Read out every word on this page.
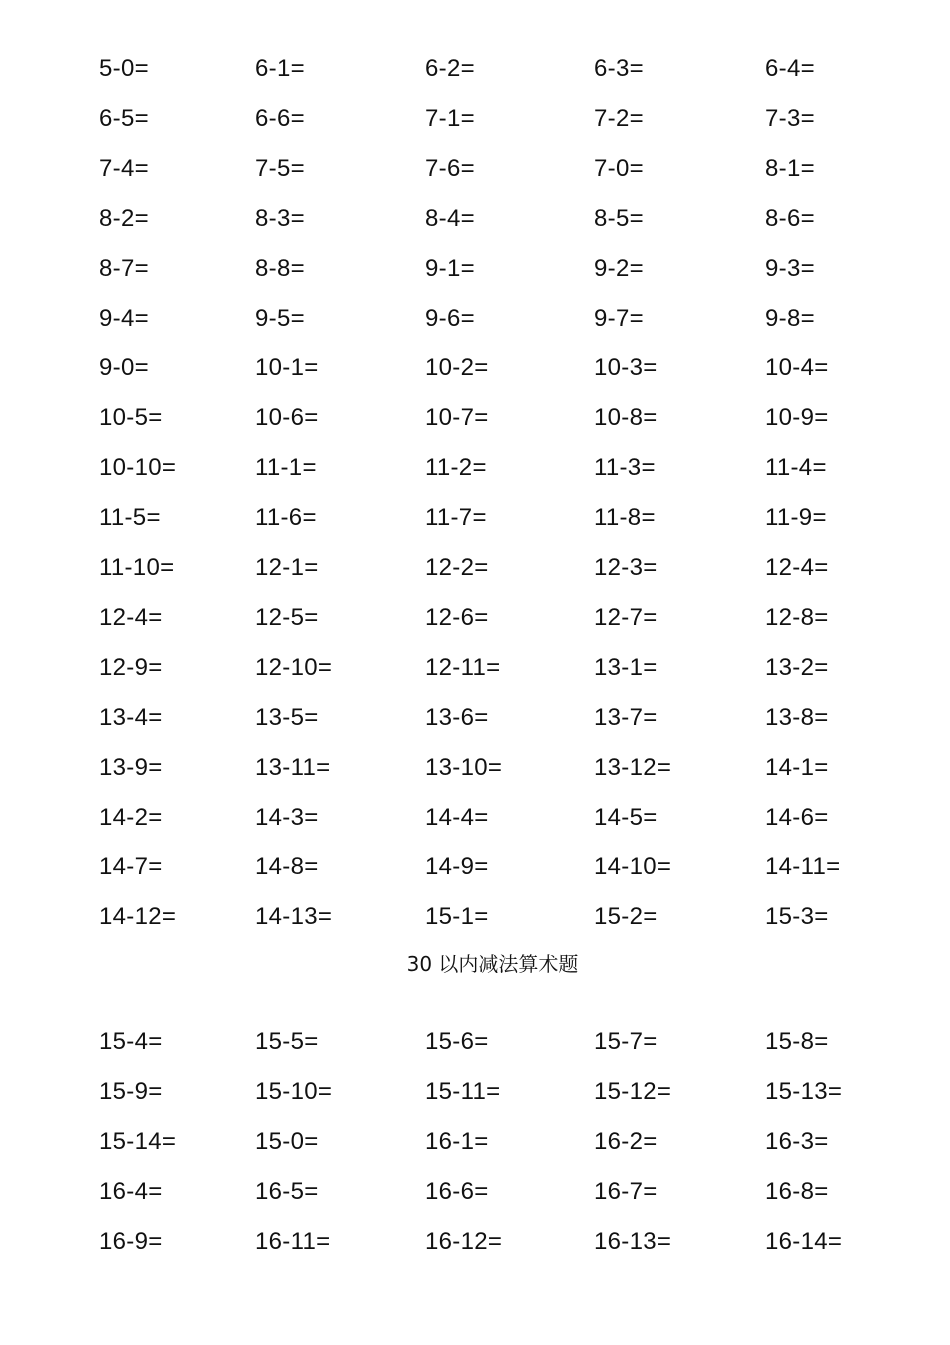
5-0=	6-1=	6-2=	6-3=	6-4=
6-5=	6-6=	7-1=	7-2=	7-3=
7-4=	7-5=	7-6=	7-0=	8-1=
8-2=	8-3=	8-4=	8-5=	8-6=
8-7=	8-8=	9-1=	9-2=	9-3=
9-4=	9-5=	9-6=	9-7=	9-8=
9-0=	10-1=	10-2=	10-3=	10-4=
10-5=	10-6=	10-7=	10-8=	10-9=
10-10=	11-1=	11-2=	11-3=	11-4=
11-5=	11-6=	11-7=	11-8=	11-9=
11-10=	12-1=	12-2=	12-3=	12-4=
12-4=	12-5=	12-6=	12-7=	12-8=
12-9=	12-10=	12-11=	13-1=	13-2=
13-4=	13-5=	13-6=	13-7=	13-8=
13-9=	13-11=	13-10=	13-12=	14-1=
14-2=	14-3=	14-4=	14-5=	14-6=
14-7=	14-8=	14-9=	14-10=	14-11=
14-12=	14-13=	15-1=	15-2=	15-3=
30 以内减法算术题
15-4=	15-5=	15-6=	15-7=	15-8=
15-9=	15-10=	15-11=	15-12=	15-13=
15-14=	15-0=	16-1=	16-2=	16-3=
16-4=	16-5=	16-6=	16-7=	16-8=
16-9=	16-11=	16-12=	16-13=	16-14=
